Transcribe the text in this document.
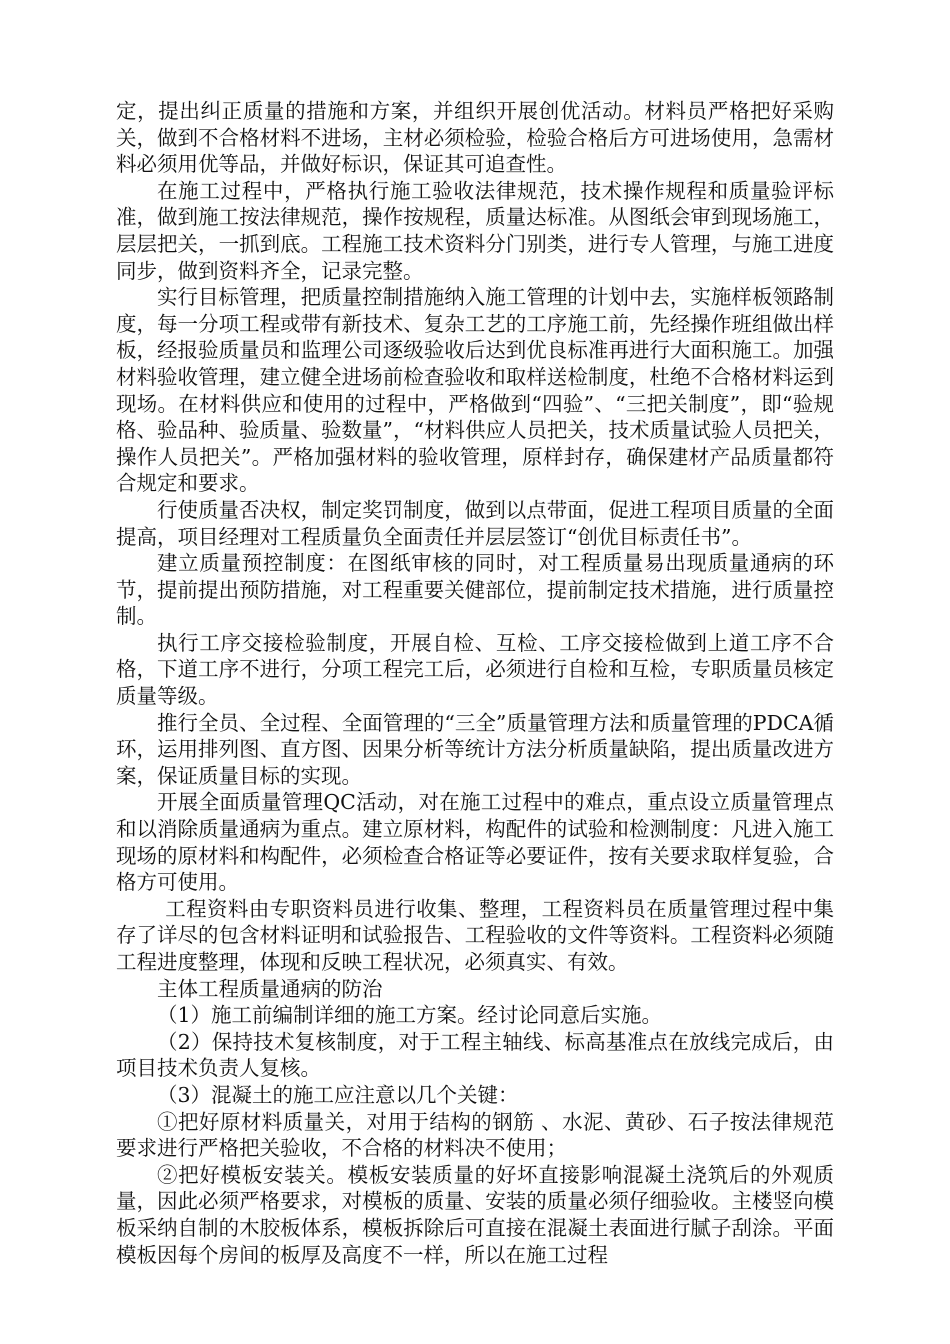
定，提出纠正质量的措施和方案，并组织开展创优活动。材料员严格把好采购关，做到不合格材料不进场，主材必须检验，检验合格后方可进场使用，急需材料必须用优等品，并做好标识，保证其可追查性。

在施工过程中，严格执行施工验收法律规范，技术操作规程和质量验评标准，做到施工按法律规范，操作按规程，质量达标准。从图纸会审到现场施工，层层把关，一抓到底。工程施工技术资料分门别类，进行专人管理，与施工进度同步，做到资料齐全，记录完整。

实行目标管理，把质量控制措施纳入施工管理的计划中去，实施样板领路制度，每一分项工程或带有新技术、复杂工艺的工序施工前，先经操作班组做出样板，经报验质量员和监理公司逐级验收后达到优良标准再进行大面积施工。加强材料验收管理，建立健全进场前检查验收和取样送检制度，杜绝不合格材料运到现场。在材料供应和使用的过程中，严格做到“四验”、“三把关制度”，即“验规格、验品种、验质量、验数量”，“材料供应人员把关，技术质量试验人员把关，操作人员把关”。严格加强材料的验收管理，原样封存，确保建材产品质量都符合规定和要求。

行使质量否决权，制定奖罚制度，做到以点带面，促进工程项目质量的全面提高，项目经理对工程质量负全面责任并层层签订“创优目标责任书”。

建立质量预控制度：在图纸审核的同时，对工程质量易出现质量通病的环节，提前提出预防措施，对工程重要关健部位，提前制定技术措施，进行质量控制。

执行工序交接检验制度，开展自检、互检、工序交接检做到上道工序不合格，下道工序不进行，分项工程完工后，必须进行自检和互检，专职质量员核定质量等级。

推行全员、全过程、全面管理的“三全”质量管理方法和质量管理的PDCA循环，运用排列图、直方图、因果分析等统计方法分析质量缺陷，提出质量改进方案，保证质量目标的实现。

开展全面质量管理QC活动，对在施工过程中的难点，重点设立质量管理点和以消除质量通病为重点。建立原材料，构配件的试验和检测制度：凡进入施工现场的原材料和构配件，必须检查合格证等必要证件，按有关要求取样复验，合格方可使用。

工程资料由专职资料员进行收集、整理，工程资料员在质量管理过程中集存了详尽的包含材料证明和试验报告、工程验收的文件等资料。工程资料必须随工程进度整理，体现和反映工程状况，必须真实、有效。

主体工程质量通病的防治

（1）施工前编制详细的施工方案。经讨论同意后实施。

（2）保持技术复核制度，对于工程主轴线、标高基准点在放线完成后，由项目技术负责人复核。

（3）混凝土的施工应注意以几个关键：

①把好原材料质量关，对用于结构的钢筋 、水泥、黄砂、石子按法律规范要求进行严格把关验收，不合格的材料决不使用；

②把好模板安装关。模板安装质量的好坏直接影响混凝土浇筑后的外观质量，因此必须严格要求，对模板的质量、安装的质量必须仔细验收。主楼竖向模板采纳自制的木胶板体系，模板拆除后可直接在混凝土表面进行腻子刮涂。平面模板因每个房间的板厚及高度不一样，所以在施工过程
